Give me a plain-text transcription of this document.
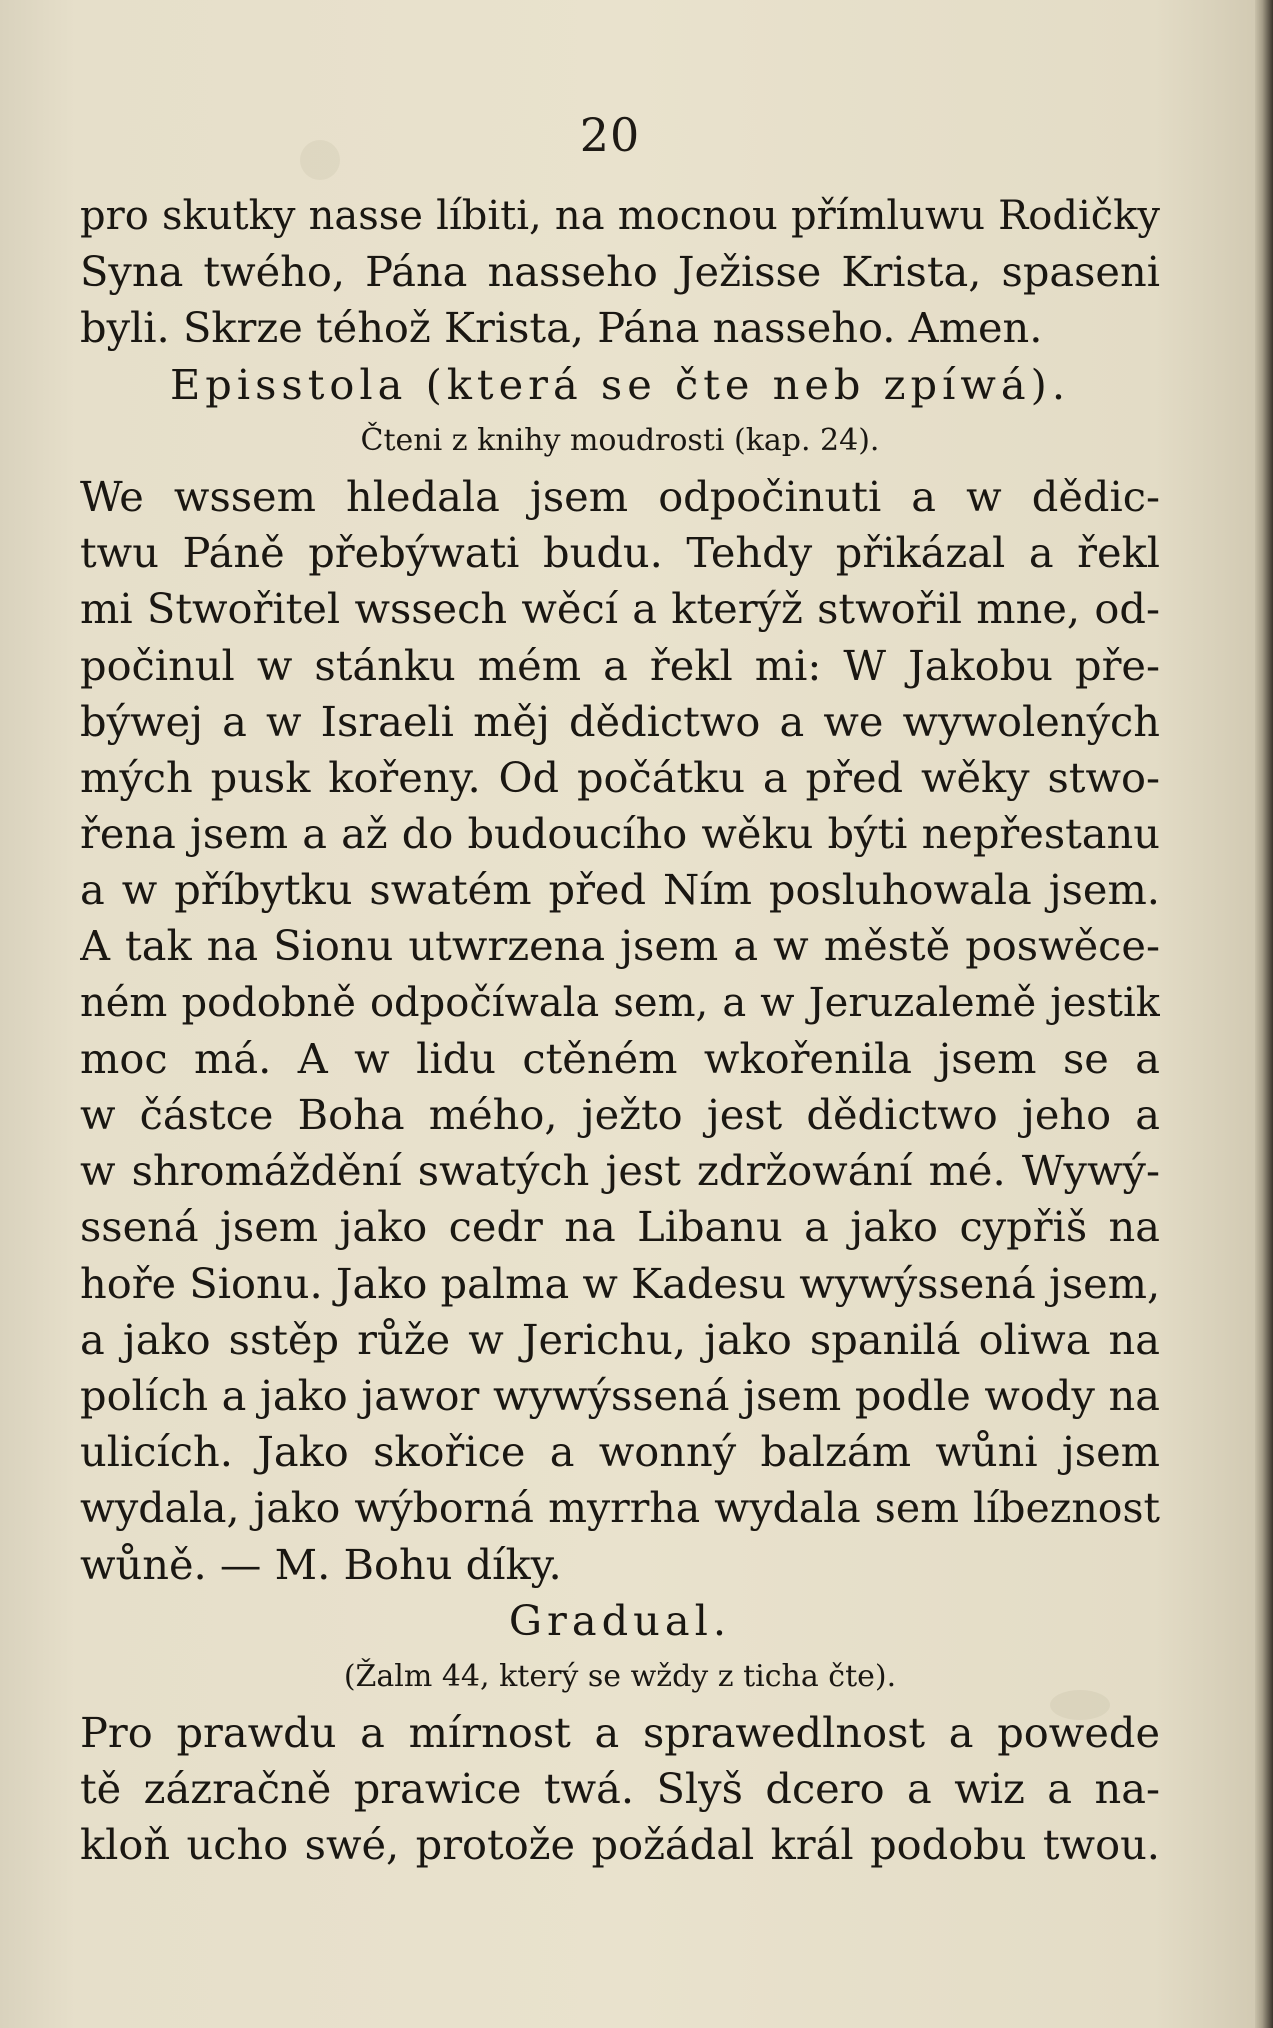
20
pro skutky nasse líbiti, na mocnou přímluwu Rodičky
Syna twého, Pána nasseho Ježisse Krista, spaseni
byli. Skrze téhož Krista, Pána nasseho. Amen.
Episstola (která se čte neb zpíwá).
Čteni z knihy moudrosti (kap. 24).
We wssem hledala jsem odpočinuti a w dědic-
twu Páně přebýwati budu. Tehdy přikázal a řekl
mi Stwořitel wssech wěcí a kterýž stwořil mne, od-
počinul w stánku mém a řekl mi: W Jakobu pře-
býwej a w Israeli měj dědictwo a we wywolených
mých pusk kořeny. Od počátku a před wěky stwo-
řena jsem a až do budoucího wěku býti nepřestanu
a w příbytku swatém před Ním posluhowala jsem.
A tak na Sionu utwrzena jsem a w městě poswěce-
ném podobně odpočíwala sem, a w Jeruzalemě jestik
moc má. A w lidu ctěném wkořenila jsem se a
w částce Boha mého, ježto jest dědictwo jeho a
w shromáždění swatých jest zdržowání mé. Wywý-
ssená jsem jako cedr na Libanu a jako cypřiš na
hoře Sionu. Jako palma w Kadesu wywýssená jsem,
a jako sstěp růže w Jerichu, jako spanilá oliwa na
polích a jako jawor wywýssená jsem podle wody na
ulicích. Jako skořice a wonný balzám wůni jsem
wydala, jako wýborná myrrha wydala sem líbeznost
wůně. — M. Bohu díky.
Gradual.
(Žalm 44, který se wždy z ticha čte).
Pro prawdu a mírnost a sprawedlnost a powede
tě zázračně prawice twá. Slyš dcero a wiz a na-
kloň ucho swé, protože požádal král podobu twou.
